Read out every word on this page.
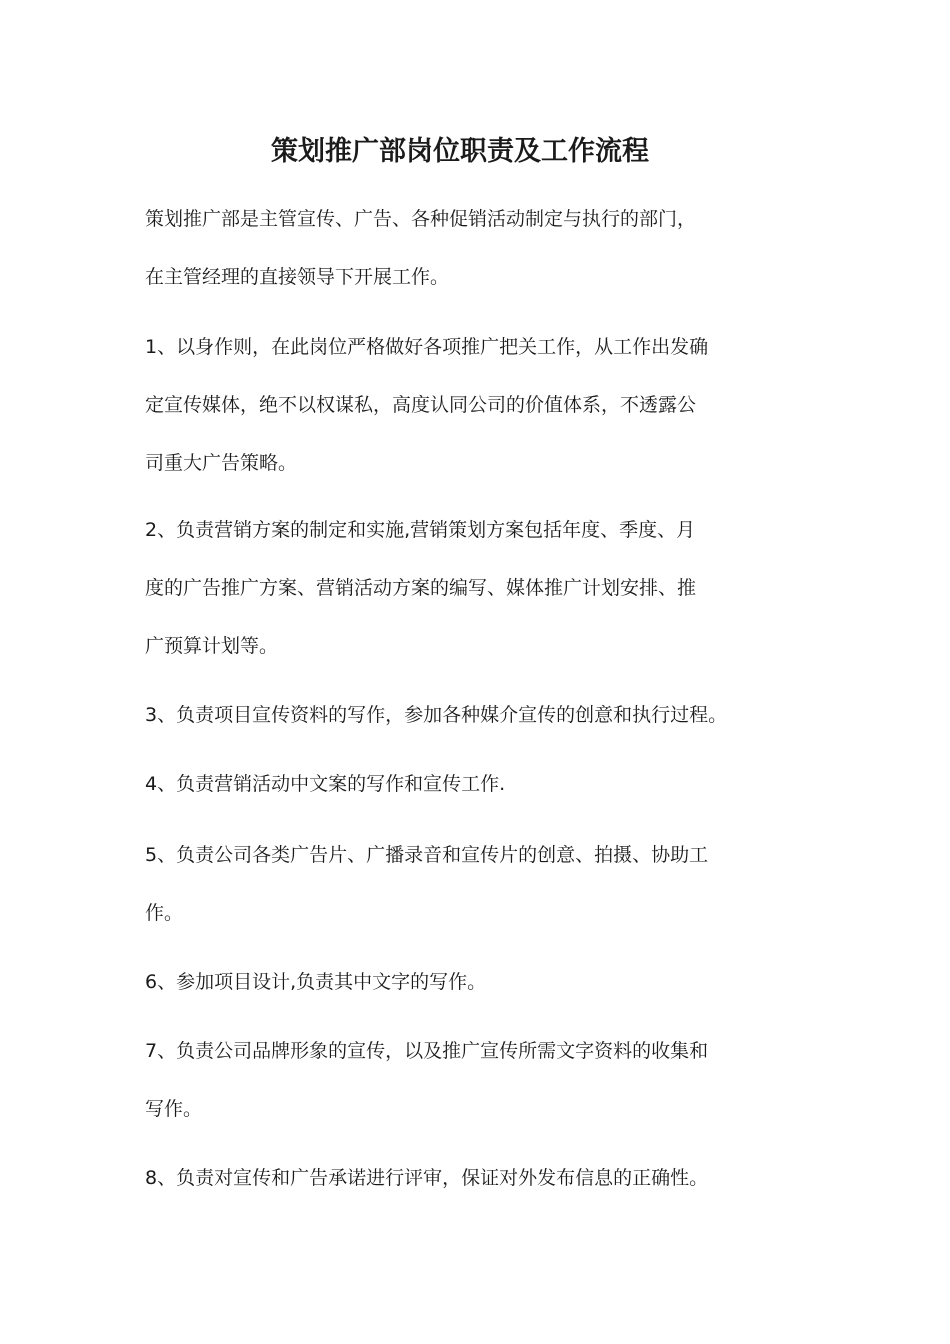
策划推广部岗位职责及工作流程

策划推广部是主管宣传、广告、各种促销活动制定与执行的部门，
在主管经理的直接领导下开展工作。

1、以身作则，在此岗位严格做好各项推广把关工作，从工作出发确
定宣传媒体，绝不以权谋私，高度认同公司的价值体系，不透露公
司重大广告策略。

2、负责营销方案的制定和实施,营销策划方案包括年度、季度、月
度的广告推广方案、营销活动方案的编写、媒体推广计划安排、推
广预算计划等。

3、负责项目宣传资料的写作，参加各种媒介宣传的创意和执行过程。

4、负责营销活动中文案的写作和宣传工作.

5、负责公司各类广告片、广播录音和宣传片的创意、拍摄、协助工
作。

6、参加项目设计,负责其中文字的写作。

7、负责公司品牌形象的宣传，以及推广宣传所需文字资料的收集和
写作。

8、负责对宣传和广告承诺进行评审，保证对外发布信息的正确性。
